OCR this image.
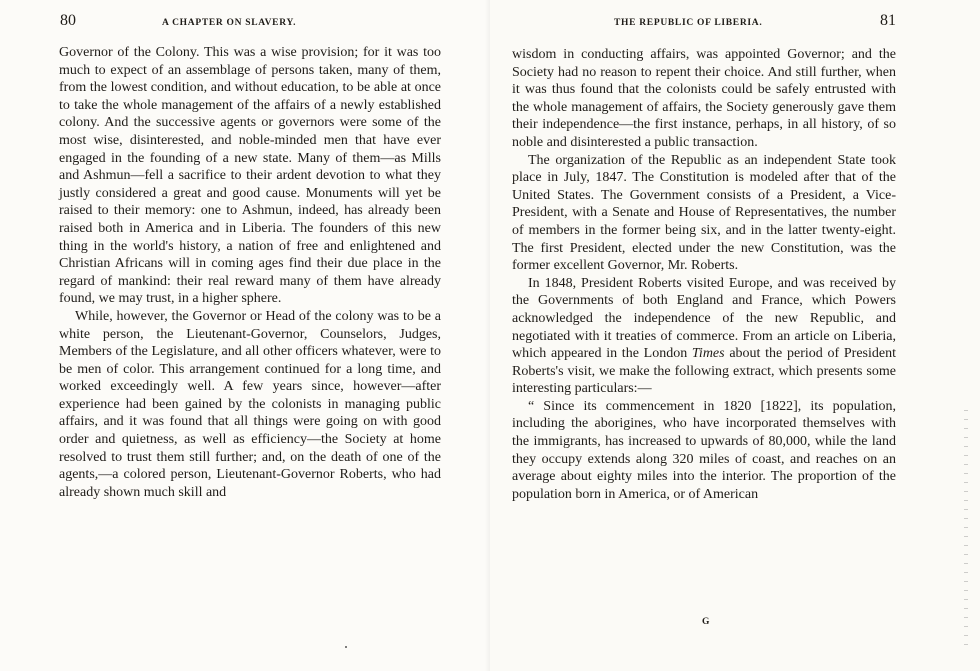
80	A CHAPTER ON SLAVERY.

Governor of the Colony. This was a wise provision; for it was too much to expect of an assemblage of persons taken, many of them, from the lowest condition, and without education, to be able at once to take the whole management of the affairs of a newly established colony. And the successive agents or governors were some of the most wise, disinterested, and noble-minded men that have ever engaged in the founding of a new state. Many of them—as Mills and Ashmun—fell a sacrifice to their ardent devotion to what they justly considered a great and good cause. Monuments will yet be raised to their memory: one to Ashmun, indeed, has already been raised both in America and in Liberia. The founders of this new thing in the world's history, a nation of free and enlightened and Christian Africans will in coming ages find their due place in the regard of mankind: their real reward many of them have already found, we may trust, in a higher sphere.

While, however, the Governor or Head of the colony was to be a white person, the Lieutenant-Governor, Counselors, Judges, Members of the Legislature, and all other officers whatever, were to be men of color. This arrangement continued for a long time, and worked exceedingly well. A few years since, however—after experience had been gained by the colonists in managing public affairs, and it was found that all things were going on with good order and quietness, as well as efficiency—the Society at home resolved to trust them still further; and, on the death of one of the agents,—a colored person, Lieutenant-Governor Roberts, who had already shown much skill and

THE REPUBLIC OF LIBERIA.	81

wisdom in conducting affairs, was appointed Governor; and the Society had no reason to repent their choice. And still further, when it was thus found that the colonists could be safely entrusted with the whole management of affairs, the Society generously gave them their independence—the first instance, perhaps, in all history, of so noble and disinterested a public transaction.

The organization of the Republic as an independent State took place in July, 1847. The Constitution is modeled after that of the United States. The Government consists of a President, a Vice-President, with a Senate and House of Representatives, the number of members in the former being six, and in the latter twenty-eight. The first President, elected under the new Constitution, was the former excellent Governor, Mr. Roberts.

In 1848, President Roberts visited Europe, and was received by the Governments of both England and France, which Powers acknowledged the independence of the new Republic, and negotiated with it treaties of commerce. From an article on Liberia, which appeared in the London Times about the period of President Roberts's visit, we make the following extract, which presents some interesting particulars:—

“ Since its commencement in 1820 [1822], its population, including the aborigines, who have incorporated themselves with the immigrants, has increased to upwards of 80,000, while the land they occupy extends along 320 miles of coast, and reaches on an average about eighty miles into the interior. The proportion of the population born in America, or of American

G
